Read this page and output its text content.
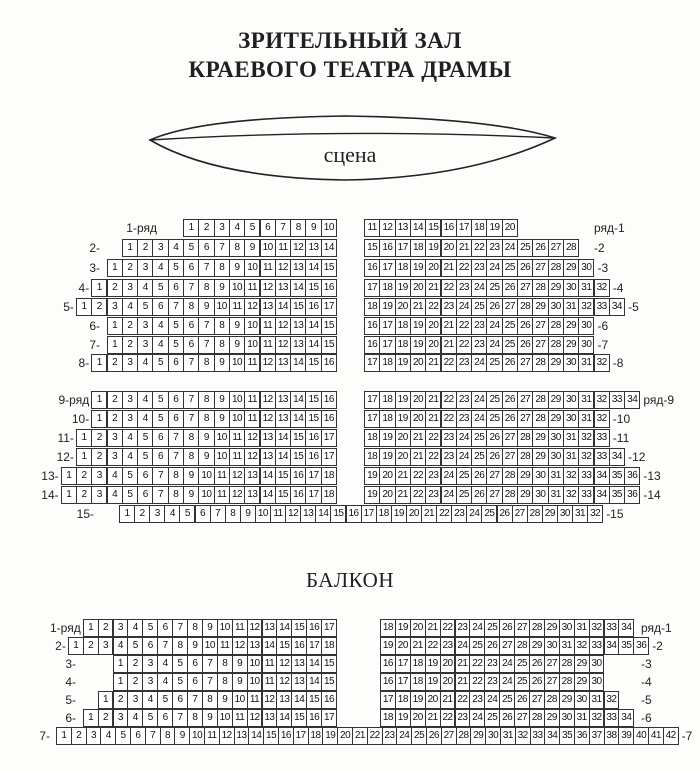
ЗРИТЕЛЬНЫЙ ЗАЛ
КРАЕВОГО ТЕАТРА ДРАМЫ
сцена
1	2	3	4	5	6	7	8	9 10	11 12 13 14 15 16 17 18 19 20
1-ряд	ряд-1
1	2	3	4	5	6	7	8	9 10 11 12 13 14	15 16 17 18 19 20 21 22 23 24 25 26 27 28
2-	-2
1	2	3	4	5	6	7	8	9 10 11 12 13 14 15	16 17 18 19 20 21 22 23 24 25 26 27 28 29 30
3-	-3
1	2	3	4	5	6	7	8	9 10 11 12 13 14 15 16	17 18 19 20 21 22 23 24 25 26 27 28 29 30 31 32
4-	-4
1	2	3	4	5	6	7	8	9 10 11 12 13 14 15 16 17	18 19 20 21 22 23 24 25 26 27 28 29 30 31 32 33 34
5-	-5
1	2	3	4	5	6	7	8	9 10 11 12 13 14 15	16 17 18 19 20 21 22 23 24 25 26 27 28 29 30
6-	-6
1	2	3	4	5	6	7	8	9 10 11 12 13 14 15	16 17 18 19 20 21 22 23 24 25 26 27 28 29 30
7-	-7
1	2	3	4	5	6	7	8	9 10 11 12 13 14 15 16	17 18 19 20 21 22 23 24 25 26 27 28 29 30 31 32
8-	-8
1	2	3	4	5	6	7	8	9 10 11 12 13 14 15 16	17 18 19 20 21 22 23 24 25 26 27 28 29 30 31 32 33 34
9-ряд	ряд-9
1	2	3	4	5	6	7	8	9 10 11 12 13 14 15 16	17 18 19 20 21 22 23 24 25 26 27 28 29 30 31 32
10-	-10
1	2	3	4	5	6	7	8	9 10 11 12 13 14 15 16 17	18 19 20 21 22 23 24 25 26 27 28 29 30 31 32 33
11-	-11
1	2	3	4	5	6	7	8	9 10 11 12 13 14 15 16 17	18 19 20 21 22 23 24 25 26 27 28 29 30 31 32 33 34
12-	-12
1	2	3	4	5	6	7	8	9 10 11 12 13 14 15 16 17 18	19 20 21 22 23 24 25 26 27 28 29 30 31 32 33 34 35 36
13-	-13
1	2	3	4	5	6	7	8	9 10 11 12 13 14 15 16 17 18	19 20 21 22 23 24 25 26 27 28 29 30 31 32 33 34 35 36
14-	-14
1	2	3	4	5	6	7	8	9 10 11 12 13 14 15 16 17 18 19 20 21 22 23 24 25 26 27 28 29 30 31 32
15-	-15
БАЛКОН
1 2 3 4 5 6 7 8 9 10 11 12 13 14 15 16 17	18 19 20 21 22 23 24 25 26 27 28 29 30 31 32 33 34
1-ряд	ряд-1
1 2 3 4 5 6 7 8 9 10 11 12 13 14 15 16 17 18	19 20 21 22 23 24 25 26 27 28 29 30 31 32 33 34 35 36
2-	-2
1 2 3 4 5 6 7 8 9 10 11 12 13 14 15	16 17 18 19 20 21 22 23 24 25 26 27 28 29 30
3-	-3
1 2 3 4 5 6 7 8 9 10 11 12 13 14 15	16 17 18 19 20 21 22 23 24 25 26 27 28 29 30
4-	-4
1 2 3 4 5 6 7 8 9 10 11 12 13 14 15 16	17 18 19 20 21 22 23 24 25 26 27 28 29 30 31 32
5-	-5
1 2 3 4 5 6 7 8 9 10 11 12 13 14 15 16 17	18 19 20 21 22 23 24 25 26 27 28 29 30 31 32 33 34
6-	-6
1 2 3 4 5 6 7 8 9 10 11 12 13 14 15 16 17 18 19 20 21 22 23 24 25 26 27 28 29 30 31 32 33 34 35 36 37 38 39 40 41 42
7-	-7
